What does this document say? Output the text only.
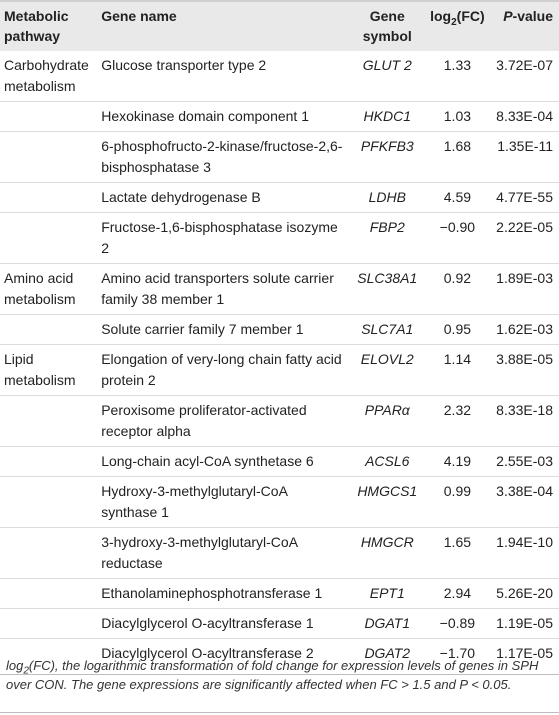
Metabolic pathway	Gene name	Gene symbol	$\log_2(FC)$	P-value
Carbohydrate metabolism	Glucose transporter type 2	GLUT 2	1.33	3.72E-07
	Hexokinase domain component 1	HKDC1	1.03	8.33E-04
	6-phosphofructo-2-kinase/fructose-2,6-bisphosphatase 3	PFKFB3	1.68	1.35E-11
	Lactate dehydrogenase B	LDHB	4.59	4.77E-55
	Fructose-1,6-bisphosphatase isozyme 2	FBP2	−0.90	2.22E-05
Amino acid metabolism	Amino acid transporters solute carrier family 38 member 1	SLC38A1	0.92	1.89E-03
	Solute carrier family 7 member 1	SLC7A1	0.95	1.62E-03
Lipid metabolism	Elongation of very-long chain fatty acid protein 2	ELOVL2	1.14	3.88E-05
	Peroxisome proliferator-activated receptor alpha	PPARα	2.32	8.33E-18
	Long-chain acyl-CoA synthetase 6	ACSL6	4.19	2.55E-03
	Hydroxy-3-methylglutaryl-CoA synthase 1	HMGCS1	0.99	3.38E-04
	3-hydroxy-3-methylglutaryl-CoA reductase	HMGCR	1.65	1.94E-10
	Ethanolaminephosphotransferase 1	EPT1	2.94	5.26E-20
	Diacylglycerol O-acyltransferase 1	DGAT1	−0.89	1.19E-05
	Diacylglycerol O-acyltransferase 2	DGAT2	−1.70	1.17E-05
$\log_2(FC)$, the logarithmic transformation of fold change for expression levels of genes in SPH over CON. The gene expressions are significantly affected when FC > 1.5 and P < 0.05.
